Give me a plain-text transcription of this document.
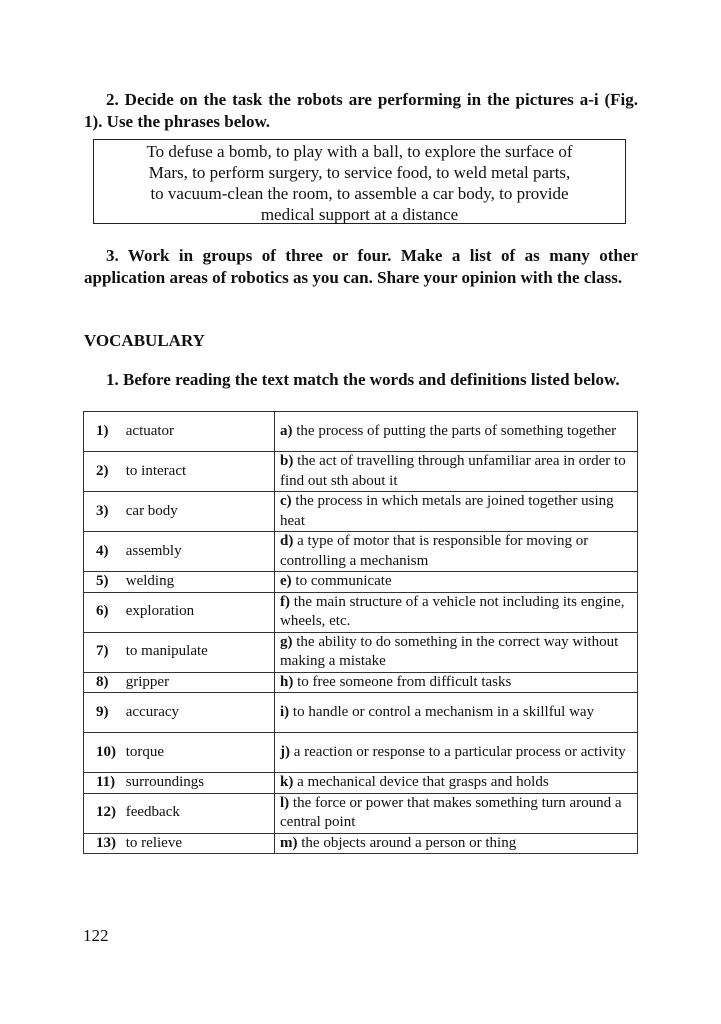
2. Decide on the task the robots are performing in the pictures a-i (Fig. 1). Use the phrases below.
To defuse a bomb, to play with a ball, to explore the surface of
Mars, to perform surgery, to service food, to weld metal parts,
to vacuum-clean the room, to assemble a car body, to provide
medical support at a distance
3. Work in groups of three or four. Make a list of as many other application areas of robotics as you can. Share your opinion with the class.
VOCABULARY
1. Before reading the text match the words and definitions listed below.
1) actuator	a) the process of putting the parts of something together
2) to interact	b) the act of travelling through unfamiliar area in order to find out sth about it
3) car body	c) the process in which metals are joined together using heat
4) assembly	d) a type of motor that is responsible for moving or controlling a mechanism
5) welding	e) to communicate
6) exploration	f) the main structure of a vehicle not including its engine, wheels, etc.
7) to manipulate	g) the ability to do something in the correct way without making a mistake
8) gripper	h) to free someone from difficult tasks
9) accuracy	i) to handle or control a mechanism in a skillful way
10) torque	j) a reaction or response to a particular process or activity
11) surroundings	k) a mechanical device that grasps and holds
12) feedback	l) the force or power that makes something turn around a central point
13) to relieve	m) the objects around a person or thing
122
